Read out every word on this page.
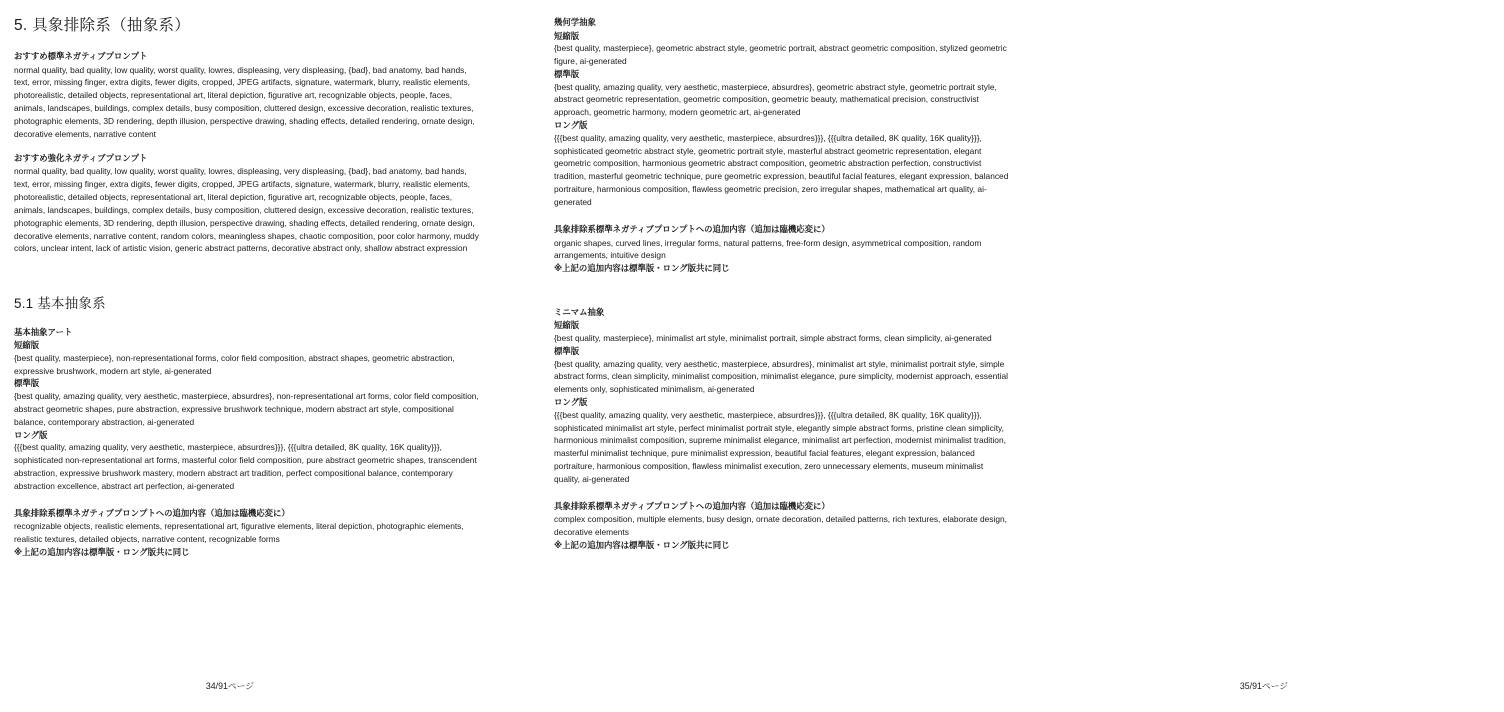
5. 具象排除系（抽象系）
おすすめ標準ネガティブプロンプト

normal quality, bad quality, low quality, worst quality, lowres, displeasing, very displeasing, {bad}, bad anatomy, bad hands, text, error, missing finger, extra digits, fewer digits, cropped, JPEG artifacts, signature, watermark, blurry, realistic elements, photorealistic, detailed objects, representational art, literal depiction, figurative art, recognizable objects, people, faces, animals, landscapes, buildings, complex details, busy composition, cluttered design, excessive decoration, realistic textures, photographic elements, 3D rendering, depth illusion, perspective drawing, shading effects, detailed rendering, ornate design, decorative elements, narrative content

おすすめ強化ネガティブプロンプト

normal quality, bad quality, low quality, worst quality, lowres, displeasing, very displeasing, {bad}, bad anatomy, bad hands, text, error, missing finger, extra digits, fewer digits, cropped, JPEG artifacts, signature, watermark, blurry, realistic elements, photorealistic, detailed objects, representational art, literal depiction, figurative art, recognizable objects, people, faces, animals, landscapes, buildings, complex details, busy composition, cluttered design, excessive decoration, realistic textures, photographic elements, 3D rendering, depth illusion, perspective drawing, shading effects, detailed rendering, ornate design, decorative elements, narrative content, random colors, meaningless shapes, chaotic composition, poor color harmony, muddy colors, unclear intent, lack of artistic vision, generic abstract patterns, decorative abstract only, shallow abstract expression

5.1 基本抽象系
基本抽象アート
短縮版

{best quality, masterpiece}, non-representational forms, color field composition, abstract shapes, geometric abstraction, expressive brushwork, modern art style, ai-generated

標準版

{best quality, amazing quality, very aesthetic, masterpiece, absurdres}, non-representational art forms, color field composition, abstract geometric shapes, pure abstraction, expressive brushwork technique, modern abstract art style, compositional balance, contemporary abstraction, ai-generated

ロング版

{{{best quality, amazing quality, very aesthetic, masterpiece, absurdres}}}, {{{ultra detailed, 8K quality, 16K quality}}}, sophisticated non-representational art forms, masterful color field composition, pure abstract geometric shapes, transcendent abstraction, expressive brushwork mastery, modern abstract art tradition, perfect compositional balance, contemporary abstraction excellence, abstract art perfection, ai-generated

具象排除系標準ネガティブプロンプトへの追加内容（追加は臨機応変に）

recognizable objects, realistic elements, representational art, figurative elements, literal depiction, photographic elements, realistic textures, detailed objects, narrative content, recognizable forms

※上記の追加内容は標準版・ロング版共に同じ
34/91ページ
幾何学抽象
短縮版

{best quality, masterpiece}, geometric abstract style, geometric portrait, abstract geometric composition, stylized geometric figure, ai-generated

標準版

{best quality, amazing quality, very aesthetic, masterpiece, absurdres}, geometric abstract style, geometric portrait style, abstract geometric representation, geometric composition, geometric beauty, mathematical precision, constructivist approach, geometric harmony, modern geometric art, ai-generated

ロング版

{{{best quality, amazing quality, very aesthetic, masterpiece, absurdres}}}, {{{ultra detailed, 8K quality, 16K quality}}}, sophisticated geometric abstract style, geometric portrait style, masterful abstract geometric representation, elegant geometric composition, harmonious geometric abstract composition, geometric abstraction perfection, constructivist tradition, masterful geometric technique, pure geometric expression, beautiful facial features, elegant expression, balanced portraiture, harmonious composition, flawless geometric precision, zero irregular shapes, mathematical art quality, ai-generated

具象排除系標準ネガティブプロンプトへの追加内容（追加は臨機応変に）

organic shapes, curved lines, irregular forms, natural patterns, free-form design, asymmetrical composition, random arrangements, intuitive design

※上記の追加内容は標準版・ロング版共に同じ
ミニマム抽象
短縮版

{best quality, masterpiece}, minimalist art style, minimalist portrait, simple abstract forms, clean simplicity, ai-generated

標準版

{best quality, amazing quality, very aesthetic, masterpiece, absurdres}, minimalist art style, minimalist portrait style, simple abstract forms, clean simplicity, minimalist composition, minimalist elegance, pure simplicity, modernist approach, essential elements only, sophisticated minimalism, ai-generated

ロング版

{{{best quality, amazing quality, very aesthetic, masterpiece, absurdres}}}, {{{ultra detailed, 8K quality, 16K quality}}}, sophisticated minimalist art style, perfect minimalist portrait style, elegantly simple abstract forms, pristine clean simplicity, harmonious minimalist composition, supreme minimalist elegance, minimalist art perfection, modernist minimalist tradition, masterful minimalist technique, pure minimalist expression, beautiful facial features, elegant expression, balanced portraiture, harmonious composition, flawless minimalist execution, zero unnecessary elements, museum minimalist quality, ai-generated

具象排除系標準ネガティブプロンプトへの追加内容（追加は臨機応変に）

complex composition, multiple elements, busy design, ornate decoration, detailed patterns, rich textures, elaborate design, decorative elements

※上記の追加内容は標準版・ロング版共に同じ
35/91ページ
